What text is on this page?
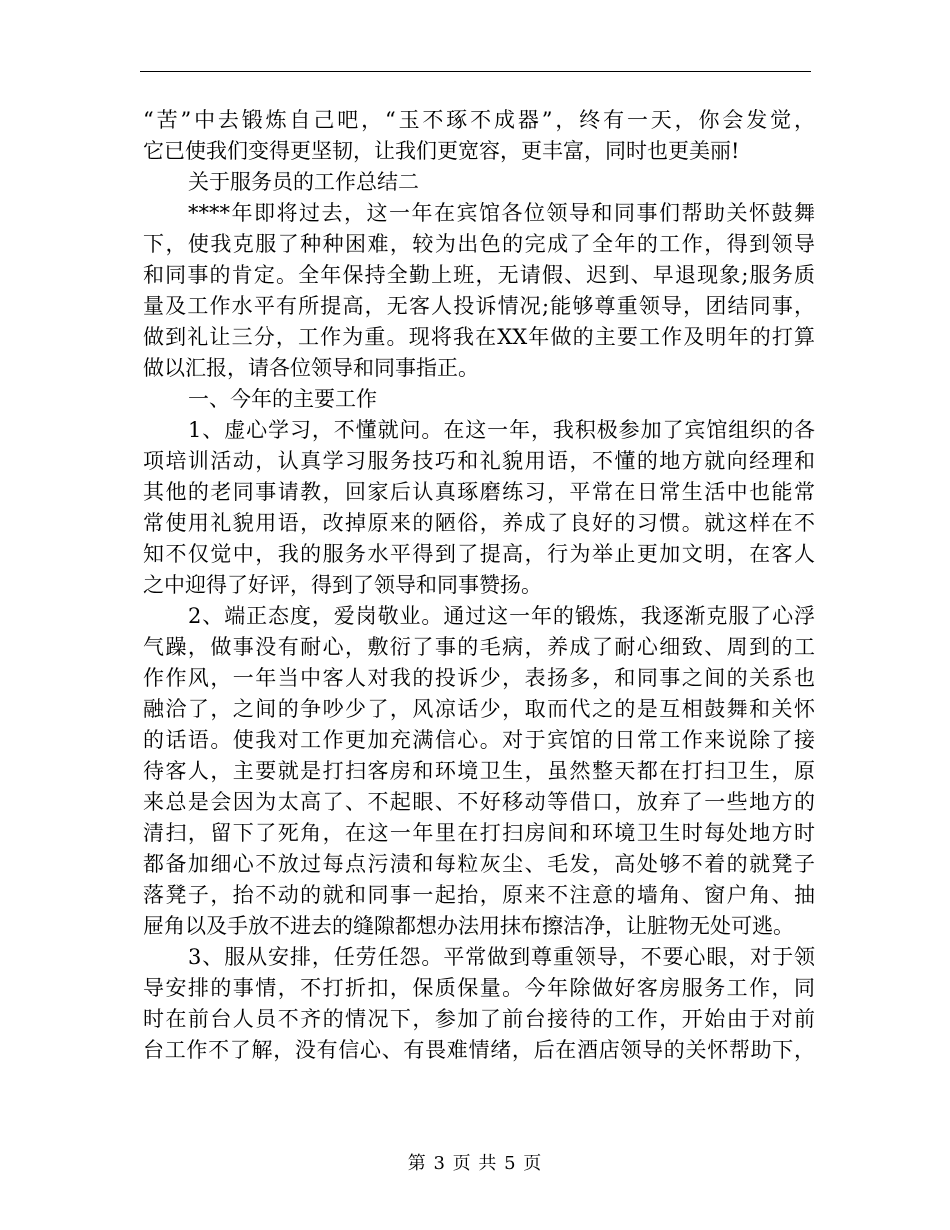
“苦”中去锻炼自己吧，“玉不琢不成器”，终有一天，你会发觉，
它已使我们变得更坚韧，让我们更宽容，更丰富，同时也更美丽!
关于服务员的工作总结二
****年即将过去，这一年在宾馆各位领导和同事们帮助关怀鼓舞
下，使我克服了种种困难，较为出色的完成了全年的工作，得到领导
和同事的肯定。全年保持全勤上班，无请假、迟到、早退现象;服务质
量及工作水平有所提高，无客人投诉情况;能够尊重领导，团结同事，
做到礼让三分，工作为重。现将我在XX年做的主要工作及明年的打算
做以汇报，请各位领导和同事指正。
一、今年的主要工作
1、虚心学习，不懂就问。在这一年，我积极参加了宾馆组织的各
项培训活动，认真学习服务技巧和礼貌用语，不懂的地方就向经理和
其他的老同事请教，回家后认真琢磨练习，平常在日常生活中也能常
常使用礼貌用语，改掉原来的陋俗，养成了良好的习惯。就这样在不
知不仅觉中，我的服务水平得到了提高，行为举止更加文明，在客人
之中迎得了好评，得到了领导和同事赞扬。
2、端正态度，爱岗敬业。通过这一年的锻炼，我逐渐克服了心浮
气躁，做事没有耐心，敷衍了事的毛病，养成了耐心细致、周到的工
作作风，一年当中客人对我的投诉少，表扬多，和同事之间的关系也
融洽了，之间的争吵少了，风凉话少，取而代之的是互相鼓舞和关怀
的话语。使我对工作更加充满信心。对于宾馆的日常工作来说除了接
待客人，主要就是打扫客房和环境卫生，虽然整天都在打扫卫生，原
来总是会因为太高了、不起眼、不好移动等借口，放弃了一些地方的
清扫，留下了死角，在这一年里在打扫房间和环境卫生时每处地方时
都备加细心不放过每点污渍和每粒灰尘、毛发，高处够不着的就凳子
落凳子，抬不动的就和同事一起抬，原来不注意的墙角、窗户角、抽
屉角以及手放不进去的缝隙都想办法用抹布擦洁净，让脏物无处可逃。
3、服从安排，任劳任怨。平常做到尊重领导，不要心眼，对于领
导安排的事情，不打折扣，保质保量。今年除做好客房服务工作，同
时在前台人员不齐的情况下，参加了前台接待的工作，开始由于对前
台工作不了解，没有信心、有畏难情绪，后在酒店领导的关怀帮助下，
第 3 页 共 5 页
